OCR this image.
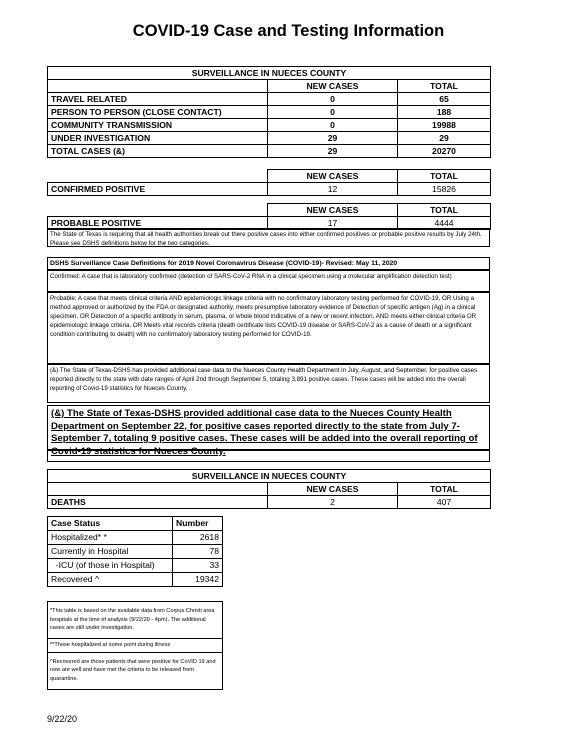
COVID-19 Case and Testing Information
SURVEILLANCE IN NUECES COUNTY		
	NEW CASES	TOTAL
TRAVEL RELATED	0	65
PERSON TO PERSON (CLOSE CONTACT)	0	188
COMMUNITY TRANSMISSION	0	19988
UNDER INVESTIGATION	29	29
TOTAL CASES (&)	29	20270
	NEW CASES	TOTAL
CONFIRMED POSITIVE	12	15826
	NEW CASES	TOTAL
PROBABLE POSITIVE	17	4444
The State of Texas is requiring that all health authorities break out there positive cases into either confirmed positives or probable positive results by July 24th. Please see DSHS definitions below for the two categories.
DSHS Surveillance Case Definitions for 2019 Novel Coronavirus Disease (COVID-19)- Revised: May 11, 2020
Confirmed: A case that is laboratory confirmed (detection of SARS-CoV-2 RNA in a clinical specimen using a molecular amplification detection test)
Probable: A case that meets clinical criteria AND epidemiologic linkage criteria with no confirmatory laboratory testing performed for COVID-19, OR Using a method approved or authorized by the FDA or designated authority, meets presumptive laboratory evidence of Detection of specific antigen (Ag) in a clinical specimen, OR Detection of a specific antibody in serum, plasma, or whole blood indicative of a new or recent infection, AND meets either clinical criteria OR epidemiologic linkage criteria. OR Meets vital records criteria (death certificate lists COVID-19 disease or SARS-CoV-2 as a cause of death or a significant condition contributing to death) with no confirmatory laboratory testing performed for COVID-19.
(&) The State of Texas-DSHS has provided additional case data to the Nueces County Health Department in July, August, and September, for positive cases reported directly to the state with date ranges of April 2nd through September 5, totaling 3,891 positive cases. These cases will be added into the overall reporting of Covid-19 statistics for Nueces County.
(&) The State of Texas-DSHS provided additional case data to the Nueces County Health Department on September 22, for positive cases reported directly to the state from July 7- September 7, totaling 9 positive cases. These cases will be added into the overall reporting of Covid-19 statistics for Nueces County.
SURVEILLANCE IN NUECES COUNTY		
	NEW CASES	TOTAL
DEATHS	2	407
Case Status	Number
Hospitalized* *	2618
Currently in Hospital	78
-ICU (of those in Hospital)	33
Recovered ^	19342
*This table is based on the available data from Corpus Christi area hospitals at the time of analysis (9/22/20 - 4pm). The additional cases are still under investigation.
**Those hospitalized at some point during illness
^Recovered are those patients that were positive for CoVID 19 and now are well and have met the criteria to be released from quarantine.
9/22/20
